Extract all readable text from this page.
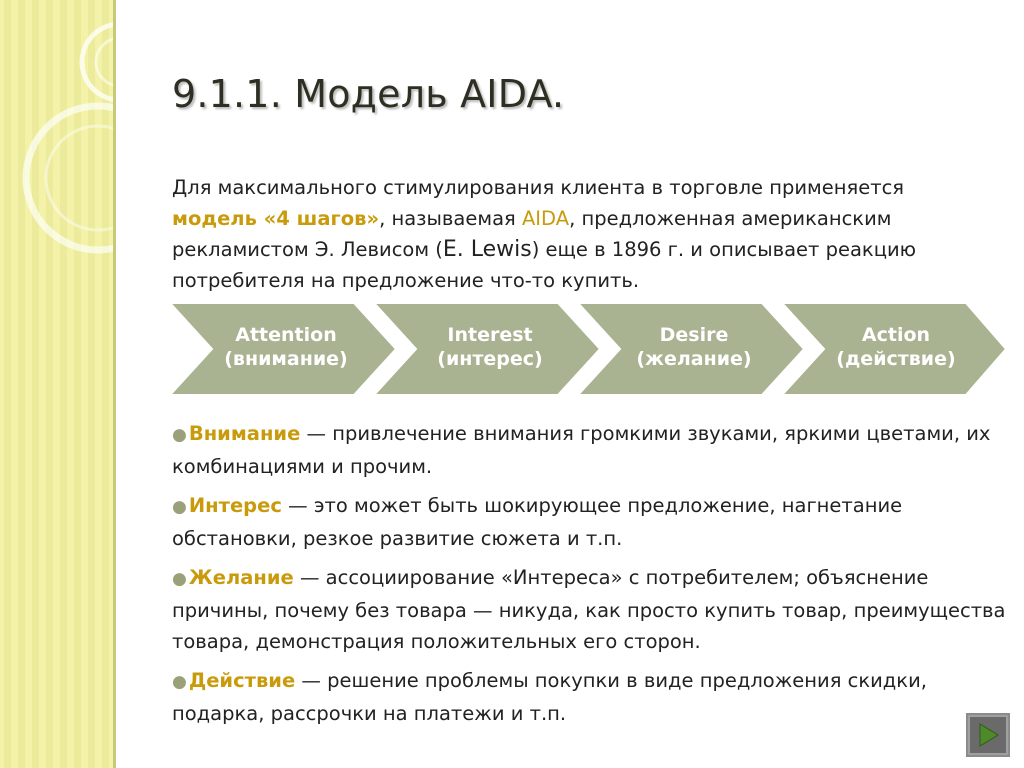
9.1.1. Модель AIDA.

Для максимального стимулирования клиента в торговле применяется модель «4 шагов», называемая AIDA, предложенная американским рекламистом Э. Левисом (E. Lewis) еще в 1896 г. и описывает реакцию потребителя на предложение что-то купить.

Attention
(внимание)
Interest
(интерес)
Desire
(желание)
Action
(действие)
● Внимание — привлечение внимания громкими звуками, яркими цветами, их комбинациями и прочим.
● Интерес — это может быть шокирующее предложение, нагнетание обстановки, резкое развитие сюжета и т.п.
● Желание — ассоциирование «Интереса» с потребителем; объяснение причины, почему без товара — никуда, как просто купить товар, преимущества товара, демонстрация положительных его сторон.
● Действие — решение проблемы покупки в виде предложения скидки, подарка, рассрочки на платежи и т.п.
